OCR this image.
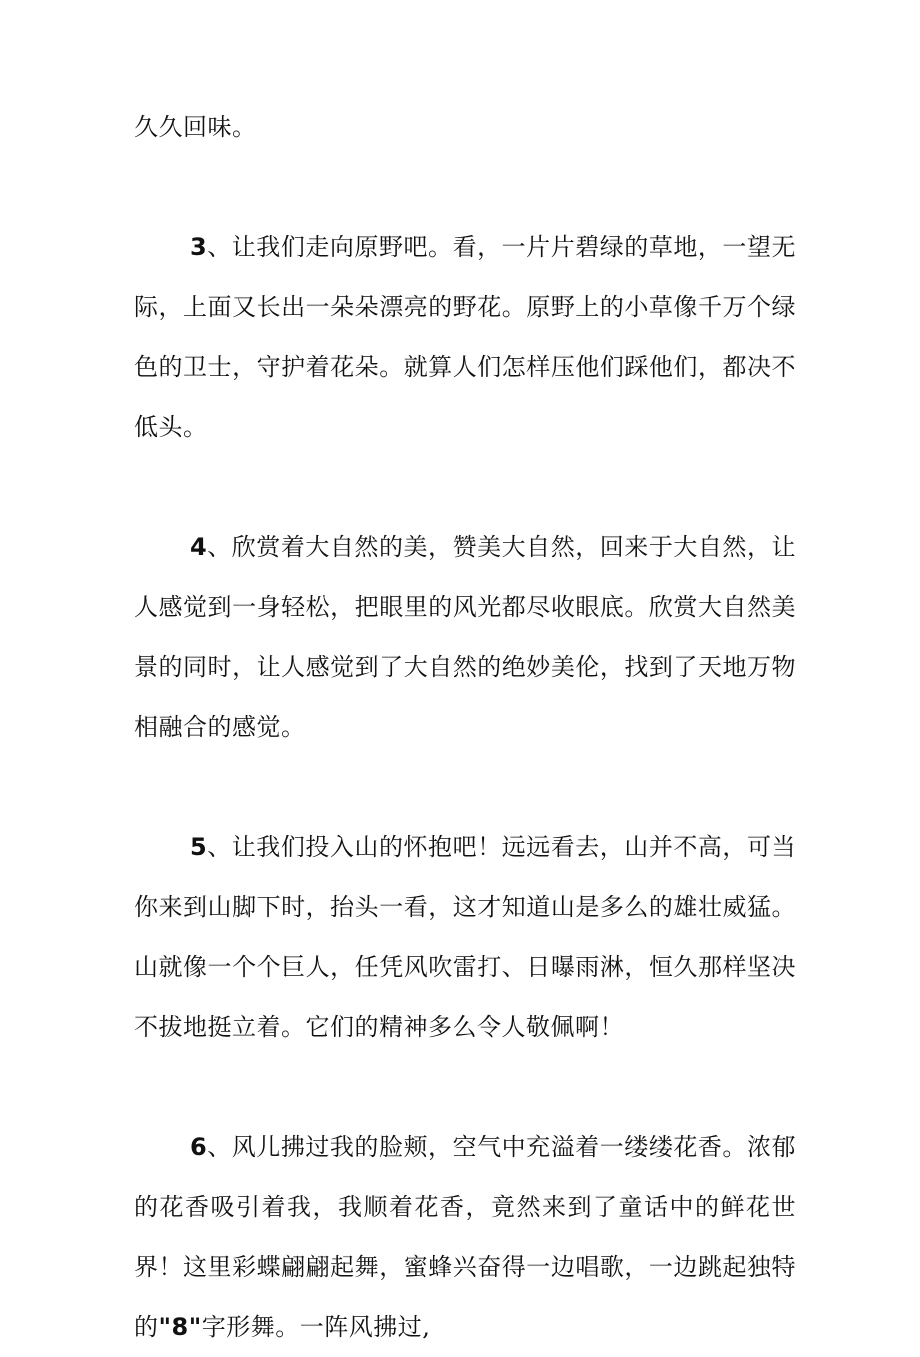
久久回味。

3、让我们走向原野吧。看，一片片碧绿的草地，一望无际，上面又长出一朵朵漂亮的野花。原野上的小草像千万个绿色的卫士，守护着花朵。就算人们怎样压他们踩他们，都决不低头。

4、欣赏着大自然的美，赞美大自然，回来于大自然，让人感觉到一身轻松，把眼里的风光都尽收眼底。欣赏大自然美景的同时，让人感觉到了大自然的绝妙美伦，找到了天地万物相融合的感觉。

5、让我们投入山的怀抱吧！远远看去，山并不高，可当你来到山脚下时，抬头一看，这才知道山是多么的雄壮威猛。山就像一个个巨人，任凭风吹雷打、日曝雨淋，恒久那样坚决不拔地挺立着。它们的精神多么令人敬佩啊！

6、风儿拂过我的脸颊，空气中充溢着一缕缕花香。浓郁的花香吸引着我，我顺着花香，竟然来到了童话中的鲜花世界！这里彩蝶翩翩起舞，蜜蜂兴奋得一边唱歌，一边跳起独特的"8"字形舞。一阵风拂过,
